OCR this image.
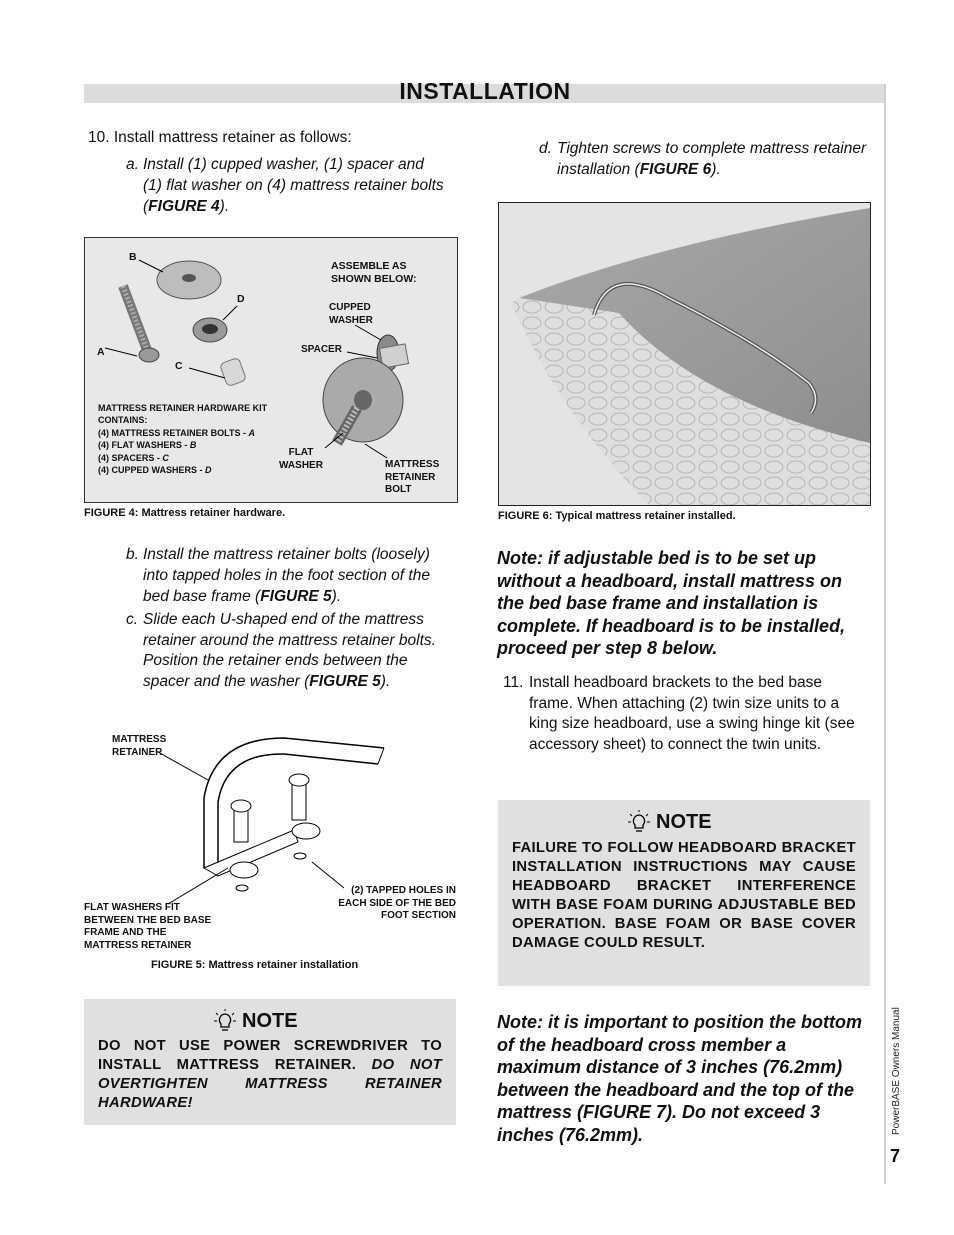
INSTALLATION
10.
Install mattress retainer as follows:
a. Install (1) cupped washer, (1) spacer and (1) flat washer on (4) mattress retainer bolts (FIGURE 4).
B
D
A
C
ASSEMBLE AS SHOWN BELOW:
CUPPED WASHER
SPACER
FLAT WASHER	MATTRESS RETAINER BOLT
MATTRESS RETAINER HARDWARE KIT CONTAINS:
(4) MATTRESS RETAINER BOLTS - A
(4) FLAT WASHERS - B
(4) SPACERS - C
(4) CUPPED WASHERS - D
FIGURE 4: Mattress retainer hardware.
b. Install the mattress retainer bolts (loosely) into tapped holes in the foot section of the bed base frame (FIGURE 5).
c. Slide each U-shaped end of the mattress retainer around the mattress retainer bolts. Position the retainer ends between the spacer and the washer (FIGURE 5).
MATTRESS RETAINER
FLAT WASHERS FIT BETWEEN THE BED BASE FRAME AND THE MATTRESS RETAINER
(2) TAPPED HOLES IN EACH SIDE OF THE BED FOOT SECTION
FIGURE 5: Mattress retainer installation
NOTE
DO NOT USE POWER SCREWDRIVER TO INSTALL MATTRESS RETAINER. DO NOT OVERTIGHTEN MATTRESS RETAINER HARDWARE!
d. Tighten screws to complete mattress retainer installation (FIGURE 6).
FIGURE 6: Typical mattress retainer installed.
Note: if adjustable bed is to be set up without a headboard, install mattress on the bed base frame and installation is complete. If headboard is to be installed, proceed per step 8 below.
11. Install headboard brackets to the bed base frame. When attaching (2) twin size units to a king size headboard, use a swing hinge kit (see accessory sheet) to connect the twin units.
NOTE
FAILURE TO FOLLOW HEADBOARD BRACKET INSTALLATION INSTRUCTIONS MAY CAUSE HEADBOARD BRACKET INTERFERENCE WITH BASE FOAM DURING ADJUSTABLE BED OPERATION. BASE FOAM OR BASE COVER DAMAGE COULD RESULT.
Note: it is important to position the bottom of the headboard cross member a maximum distance of 3 inches (76.2mm) between the headboard and the top of the mattress (FIGURE 7). Do not exceed 3 inches (76.2mm).	PowerBASE Owners Manual
7
